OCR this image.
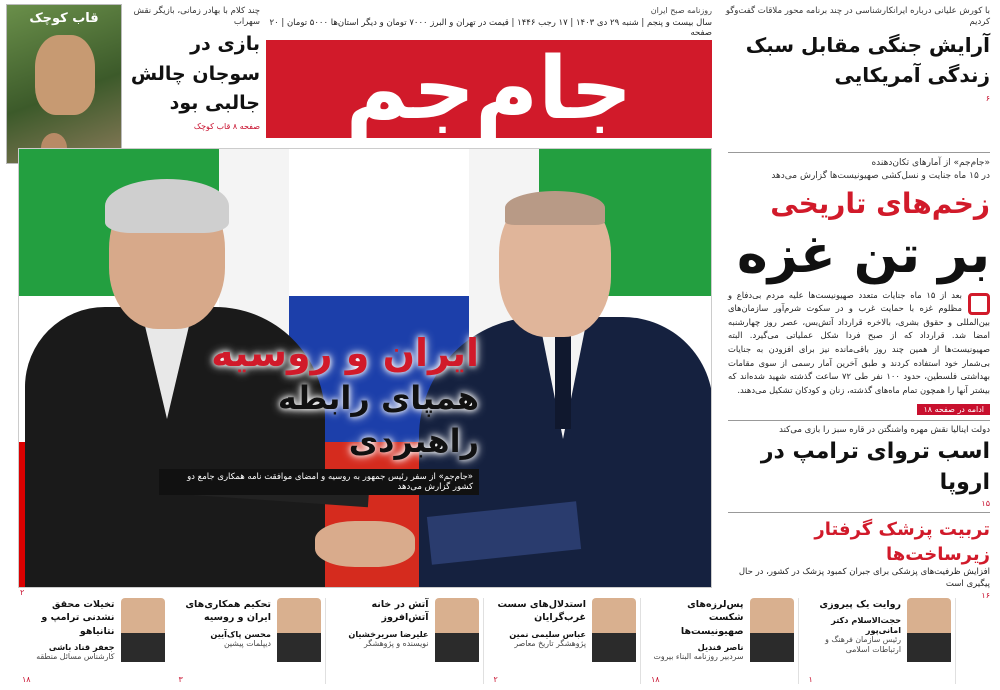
قاب کوچک	چند کلام با بهادر زمانی، بازیگر نقش سهراب
بازی در سوجان چالش جالبی بود
صفحه ۸ قاب کوچک
روزنامه صبح ایران
سال بیست و پنجم | شنبه ۲۹ دی ۱۴۰۳ | ۱۷ رجب ۱۴۴۶ | قیمت در تهران و البرز ۷۰۰۰ تومان و دیگر استان‌ها ۵۰۰۰ تومان | ۲۰ صفحه
جام‌جم
با کورش علیانی درباره ایرانکارشناسی در چند برنامه محور ملاقات گفت‌وگو کردیم
آرایش جنگی مقابل سبک زندگی آمریکایی
۶
ایران و روسیه
همپای رابطه راهبردی
«جام‌جم» از سفر رئیس جمهور به روسیه و امضای موافقت نامه همکاری جامع دو کشور گزارش می‌دهد
۲
«جام‌جم» از آمارهای تکان‌دهنده
در ۱۵ ماه جنایت و نسل‌کشی صهیونیست‌ها گزارش می‌دهد
زخم‌های تاریخی
بر تن غزه
بعد از ۱۵ ماه جنایات متعدد صهیونیست‌ها علیه مردم بی‌دفاع و مظلوم غزه با حمایت غرب و در سکوت شرم‌آور سازمان‌های بین‌المللی و حقوق بشری، بالاخره قرارداد آتش‌بس، عصر روز چهارشنبه امضا شد. قرارداد که از صبح فردا شکل عملیاتی می‌گیرد. البته صهیونیست‌ها از همین چند روز باقی‌مانده نیز برای افزودن به جنایات بی‌شمار خود استفاده کردند و طبق آخرین آمار رسمی از سوی مقامات بهداشتی فلسطین، حدود ۱۰۰ نفر طی ۷۲ ساعت گذشته شهید شده‌اند که بیشتر آنها را همچون تمام ماه‌های گذشته، زنان و کودکان تشکیل می‌دهند.
ادامه در صفحه ۱۸
دولت اینالیا نقش مهره واشنگتن در قاره سبز را بازی می‌کند
اسب تروای ترامپ در اروپا
۱۵
تربیت پزشک گرفتار زیرساخت‌ها
افزایش ظرفیت‌های پزشکی برای جبران کمبود پزشک در کشور، در حال پیگیری است
۱۶
روایت یک پیروزی
حجت‌الاسلام دکتر امانی‌پور
رئیس سازمان فرهنگ و ارتباطات اسلامی
۱
پس‌لرزه‌های شکست صهیونیست‌ها
ناصر قندیل
سردبیر روزنامه البناء بیروت
۱۸
استدلال‌های سست غرب‌گرایان
عباس سلیمی نمین
پژوهشگر تاریخ معاصر
۲
آتش در خانه آتش‌افروز
علیرضا سریرخشیان
نویسنده و پژوهشگر
تحکیم همکاری‌های ایران و روسیه
محسن پاک‌آیین
دیپلمات پیشین
۳
تخیلات محقق نشدنی ترامپ و نتانیاهو
جعفر قناد باشی
کارشناس مسائل منطقه
۱۸
